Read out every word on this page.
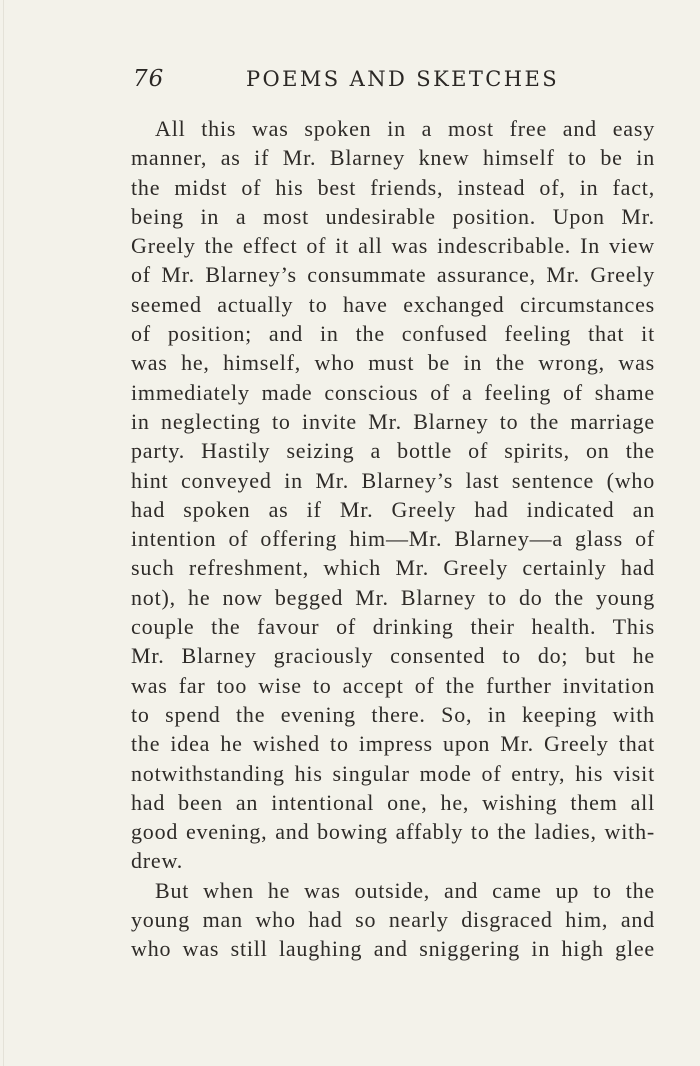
76	POEMS AND SKETCHES
All this was spoken in a most free and easy
manner, as if Mr. Blarney knew himself to be in
the midst of his best friends, instead of, in fact,
being in a most undesirable position. Upon Mr.
Greely the effect of it all was indescribable. In view
of Mr. Blarney’s consummate assurance, Mr. Greely
seemed actually to have exchanged circumstances
of position; and in the confused feeling that it
was he, himself, who must be in the wrong, was
immediately made conscious of a feeling of shame
in neglecting to invite Mr. Blarney to the marriage
party. Hastily seizing a bottle of spirits, on the
hint conveyed in Mr. Blarney’s last sentence (who
had spoken as if Mr. Greely had indicated an
intention of offering him—Mr. Blarney—a glass of
such refreshment, which Mr. Greely certainly had
not), he now begged Mr. Blarney to do the young
couple the favour of drinking their health. This
Mr. Blarney graciously consented to do; but he
was far too wise to accept of the further invitation
to spend the evening there. So, in keeping with
the idea he wished to impress upon Mr. Greely that
notwithstanding his singular mode of entry, his visit
had been an intentional one, he, wishing them all
good evening, and bowing affably to the ladies, with-
drew.
But when he was outside, and came up to the
young man who had so nearly disgraced him, and
who was still laughing and sniggering in high glee
